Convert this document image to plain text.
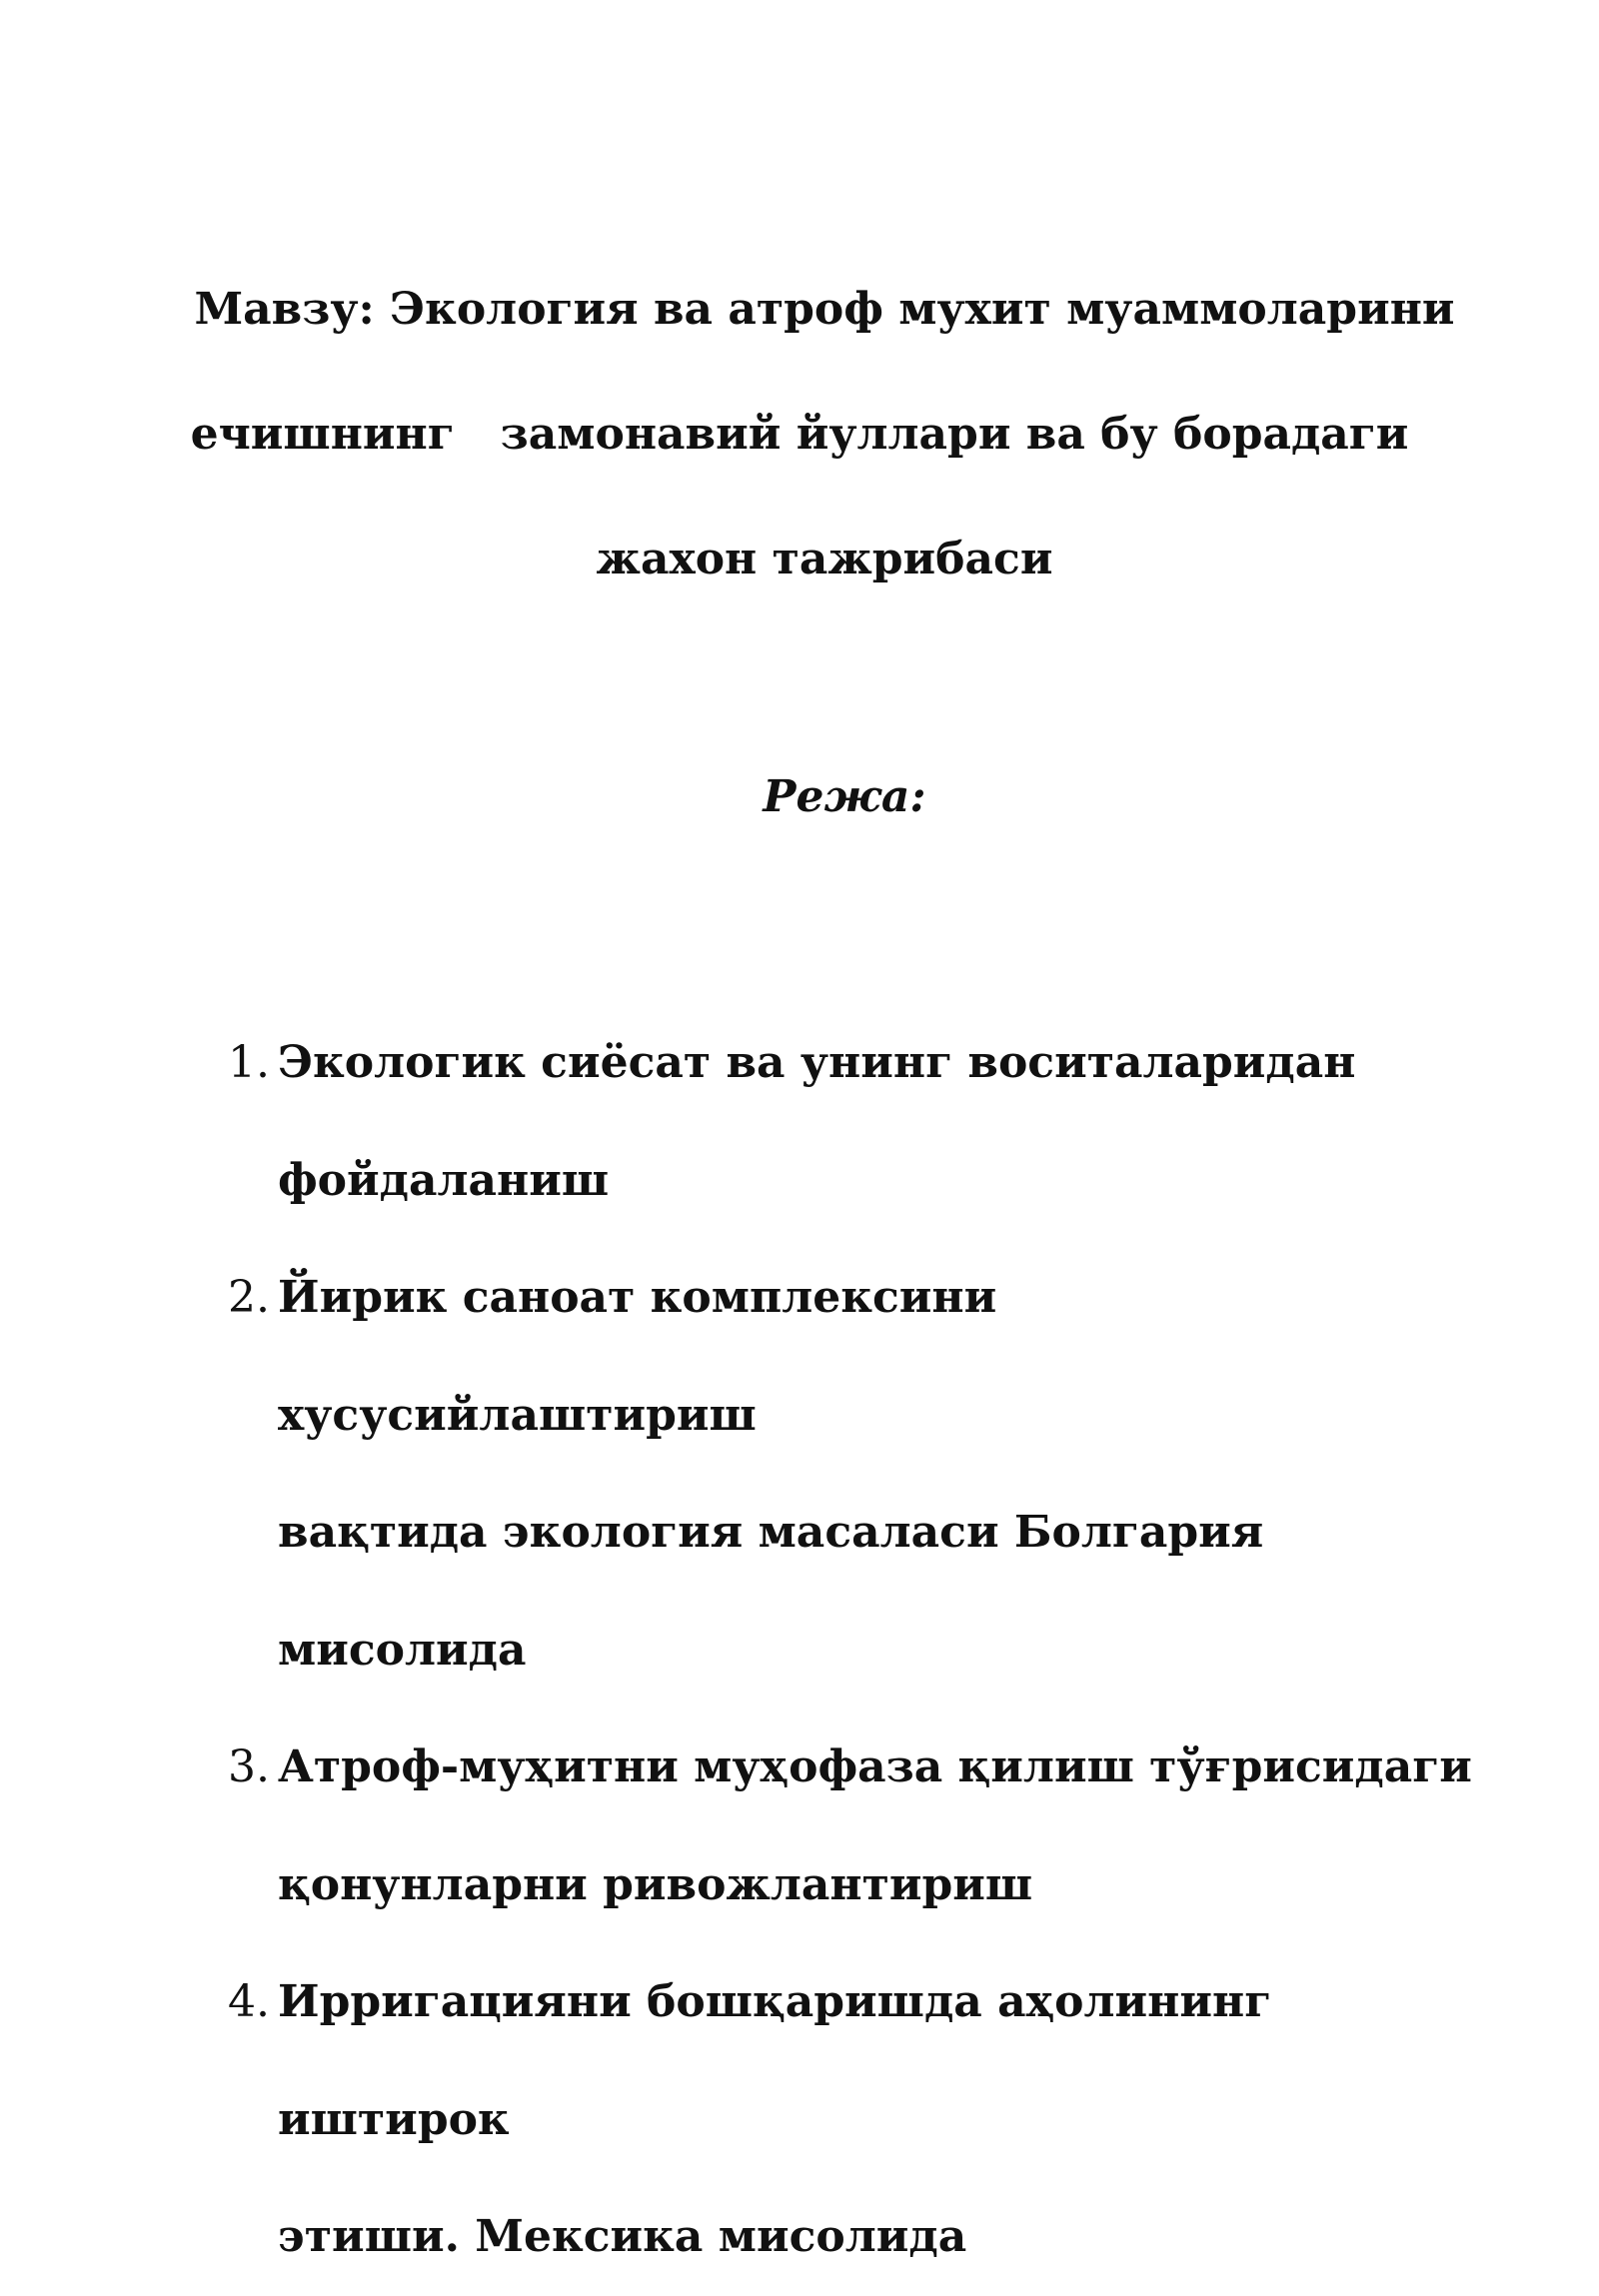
Мавзу: Экология ва атроф мухит муаммоларини
ечишнинг   замонавий йуллари ва бу борадаги
жахон тажрибаси
Режа:
1. Экологик сиёсат ва унинг воситаларидан
фойдаланиш
2. Йирик саноат комплексини хусусийлаштириш
вақтида экология масаласи Болгария мисолида
3. Атроф-муҳитни муҳофаза қилиш тўғрисидаги
қонунларни ривожлантириш
4. Ирригацияни бошқаришда аҳолининг иштирок
этиши. Мексика мисолида
